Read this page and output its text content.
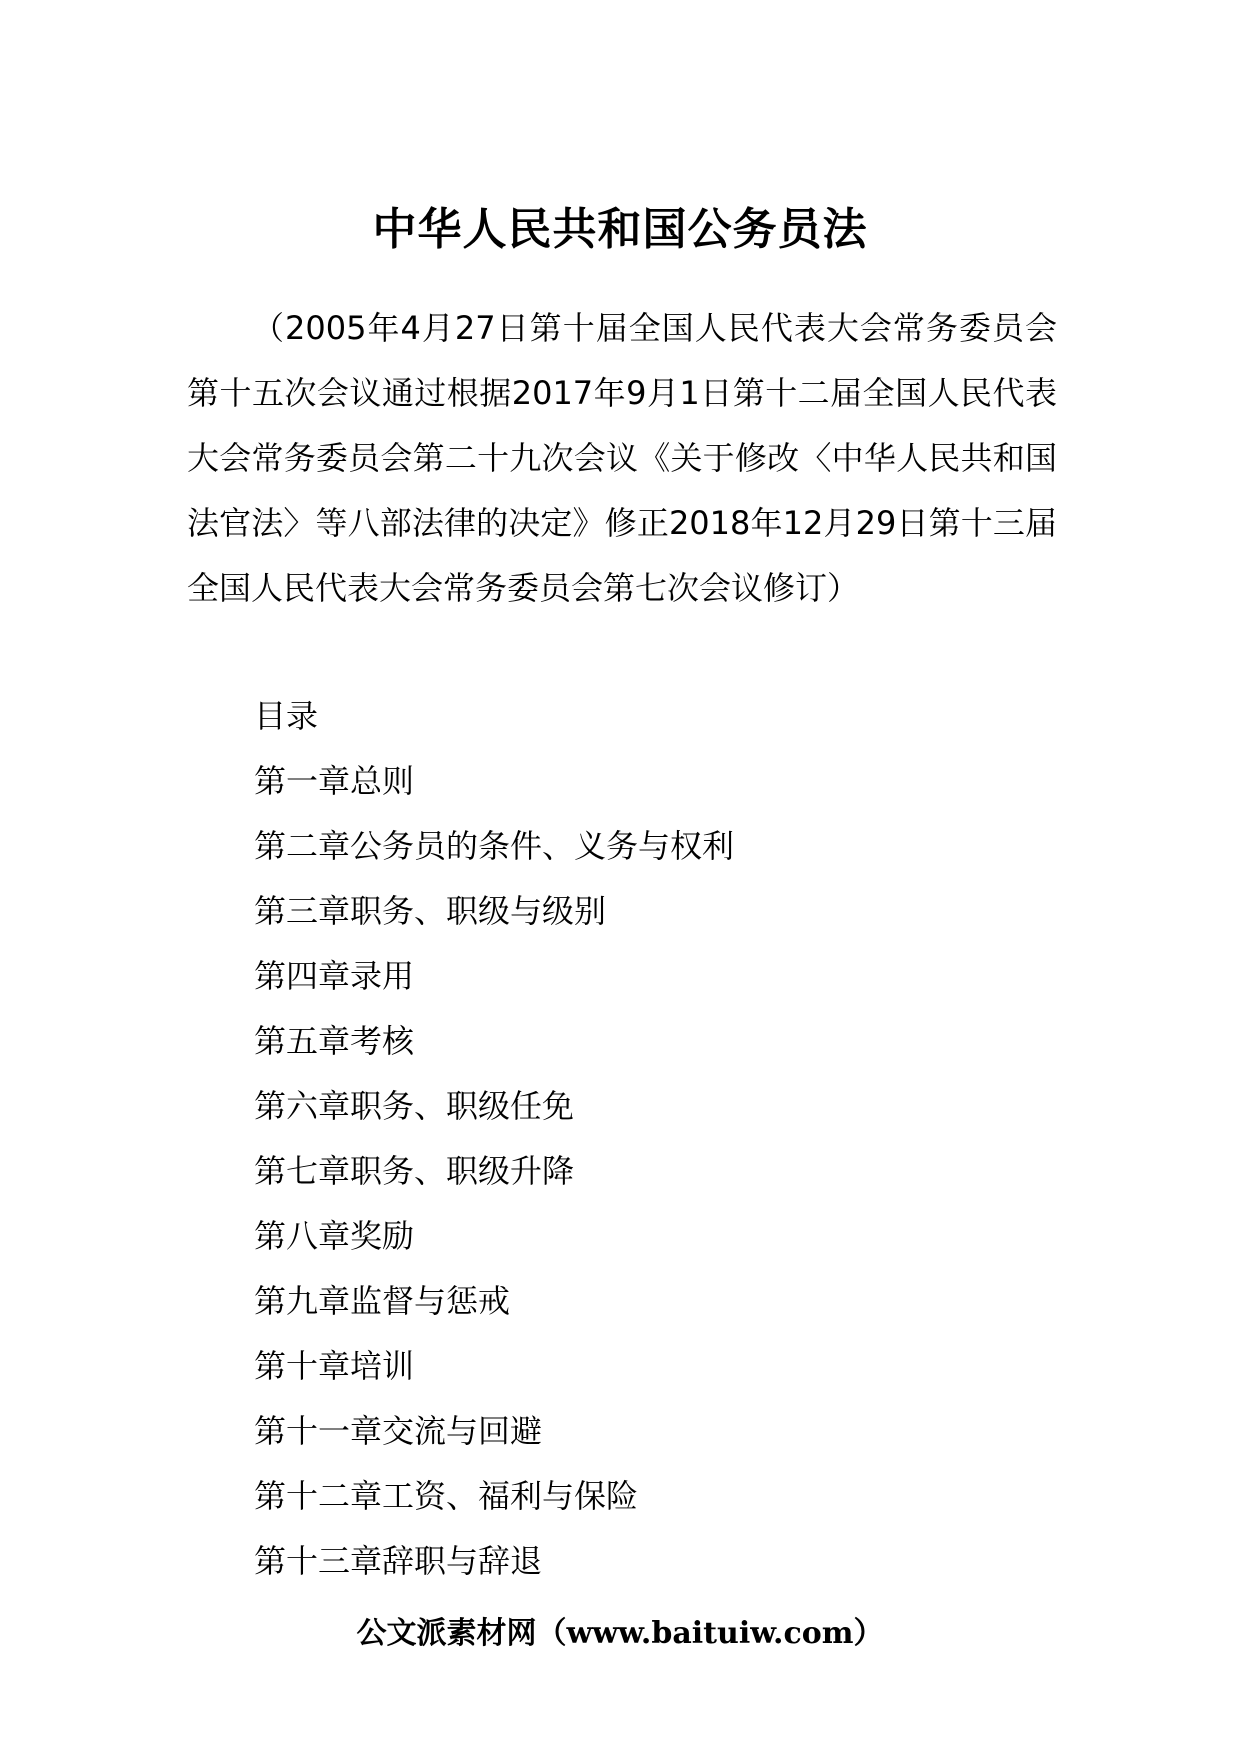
中华人民共和国公务员法

（2005年4月27日第十届全国人民代表大会常务委员会第十五次会议通过根据2017年9月1日第十二届全国人民代表大会常务委员会第二十九次会议《关于修改〈中华人民共和国法官法〉等八部法律的决定》修正2018年12月29日第十三届全国人民代表大会常务委员会第七次会议修订）

目录
第一章总则
第二章公务员的条件、义务与权利
第三章职务、职级与级别
第四章录用
第五章考核
第六章职务、职级任免
第七章职务、职级升降
第八章奖励
第九章监督与惩戒
第十章培训
第十一章交流与回避
第十二章工资、福利与保险
第十三章辞职与辞退
公文派素材网（www.baituiw.com）
